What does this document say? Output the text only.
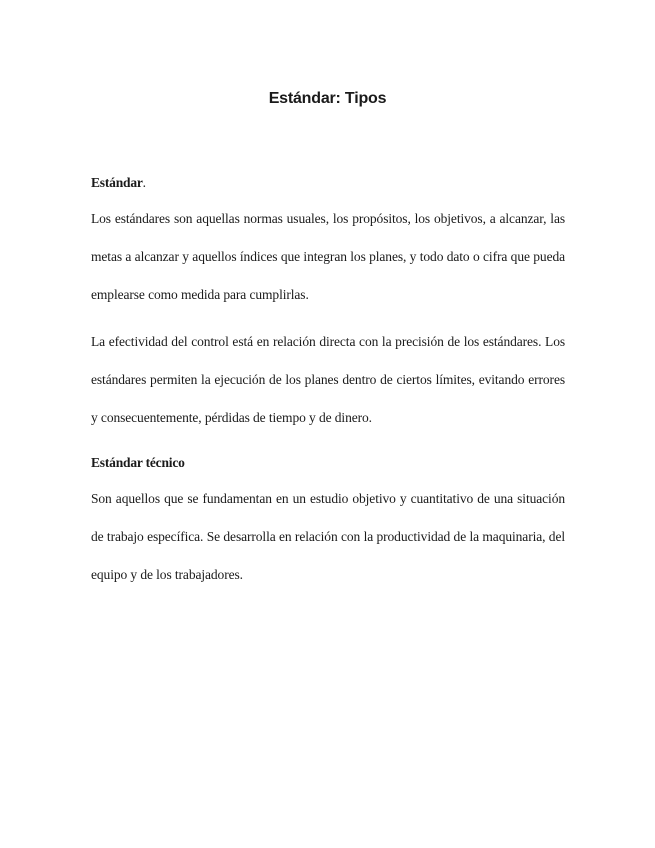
Estándar: Tipos

Estándar.

Los estándares son aquellas normas usuales, los propósitos, los objetivos, a alcanzar, las metas a alcanzar y aquellos índices que integran los planes, y todo dato o cifra que pueda emplearse como medida para cumplirlas.

La efectividad del control está en relación directa con la precisión de los estándares. Los estándares permiten la ejecución de los planes dentro de ciertos límites, evitando errores y consecuentemente, pérdidas de tiempo y de dinero.

Estándar técnico

Son aquellos que se fundamentan en un estudio objetivo y cuantitativo de una situación de trabajo específica. Se desarrolla en relación con la productividad de la maquinaria, del equipo y de los trabajadores.
